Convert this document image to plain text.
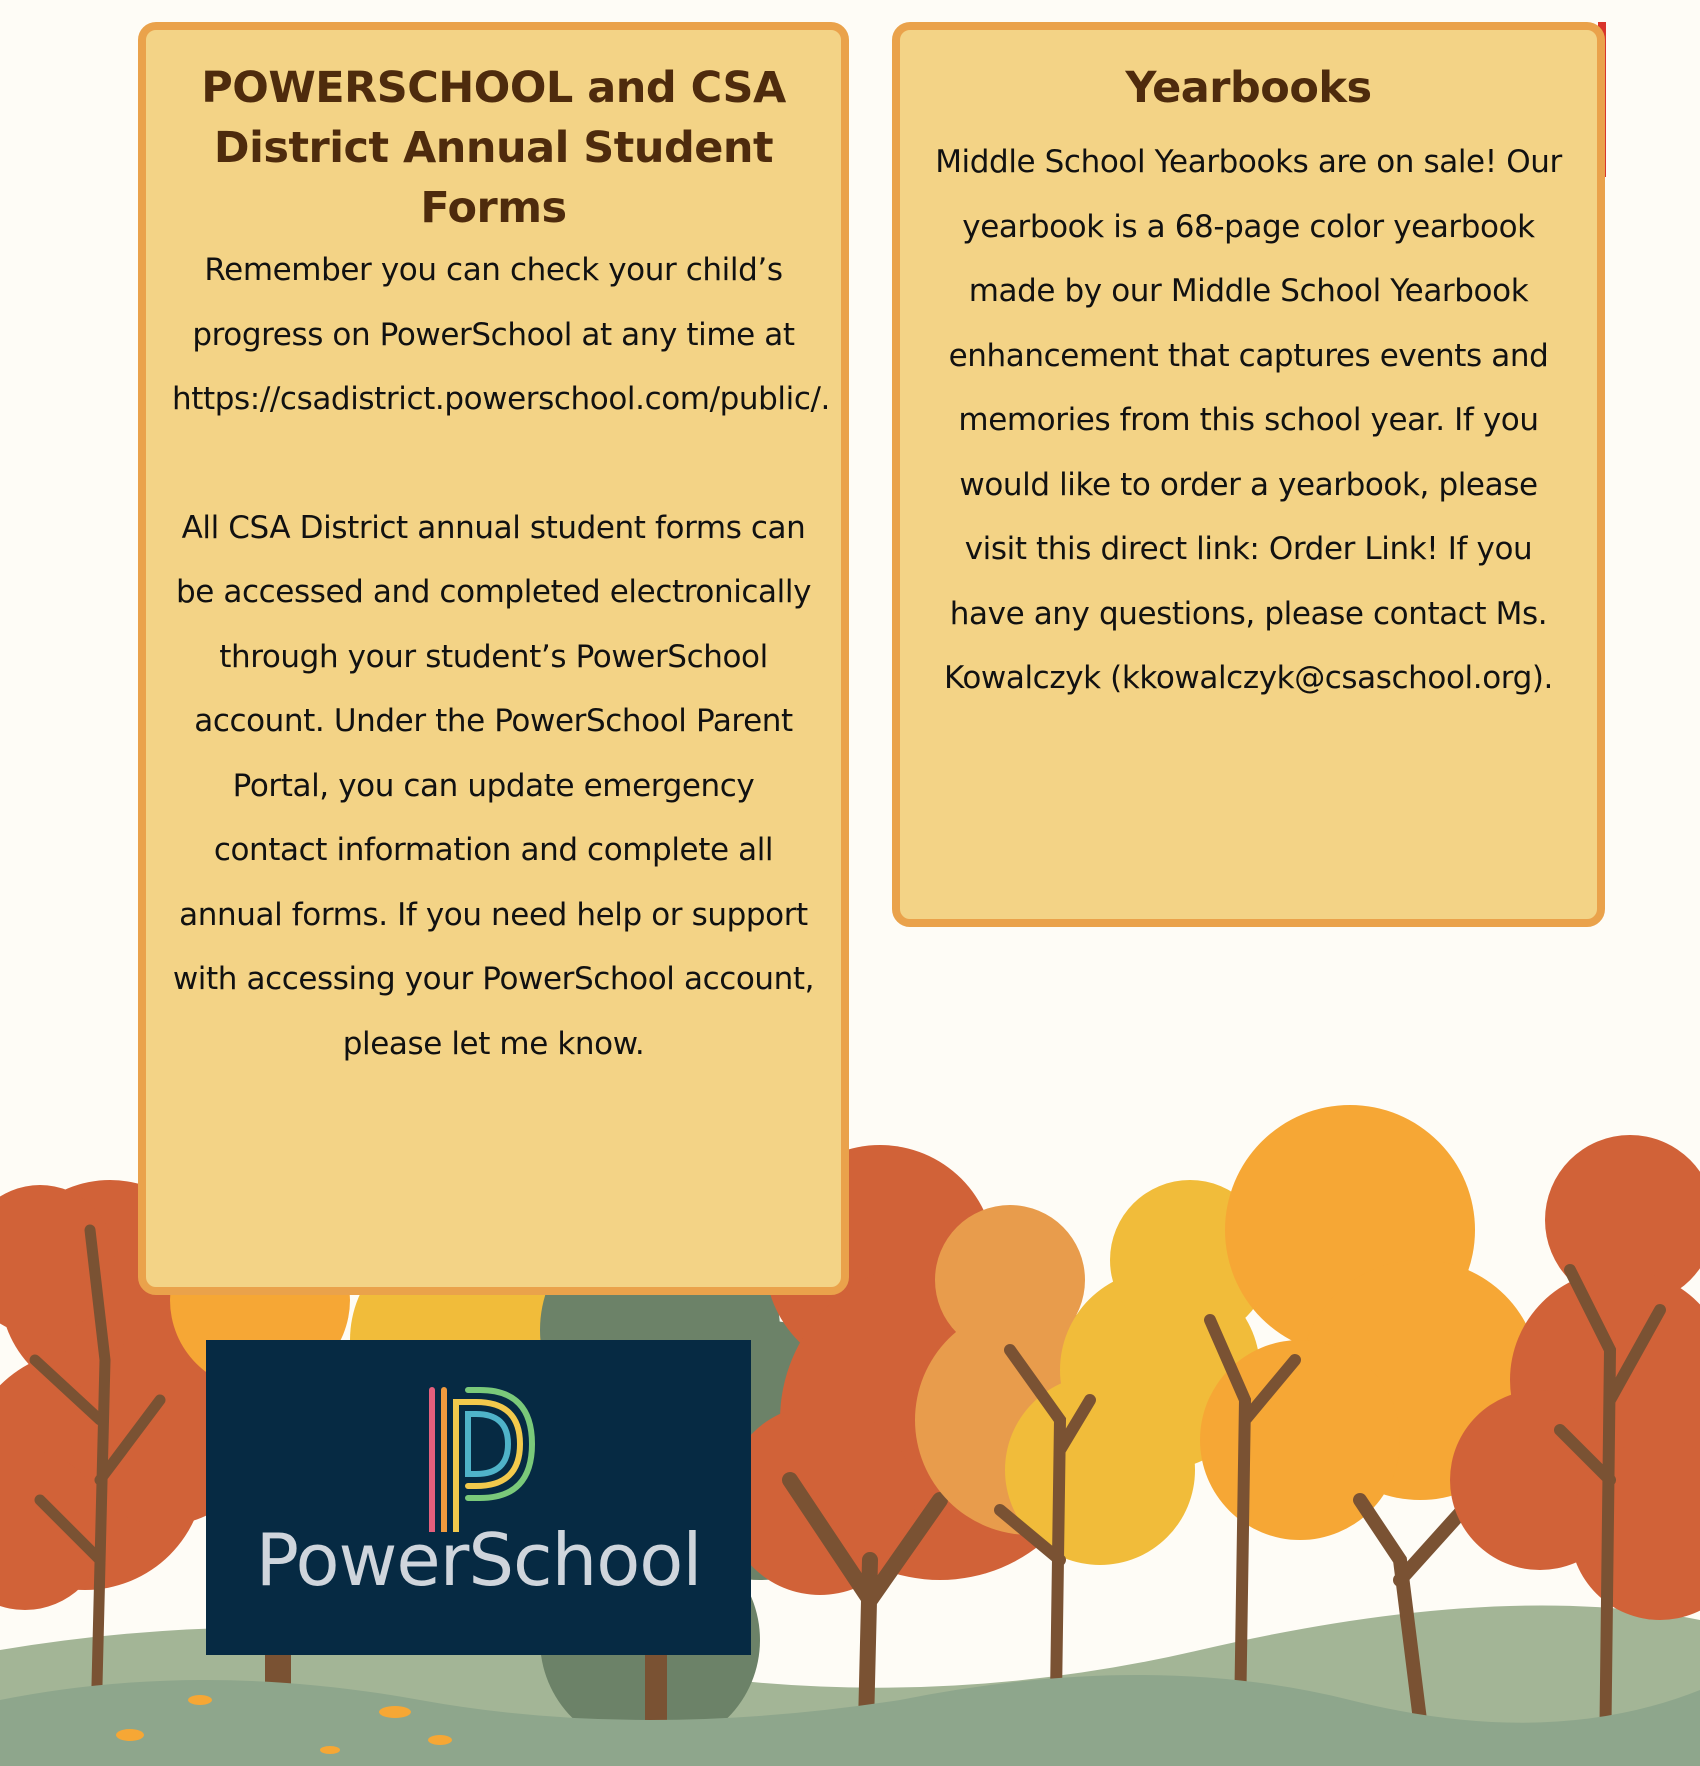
POWERSCHOOL and CSA District Annual Student Forms

Remember you can check your child’s progress on PowerSchool at any time at https://csadistrict.powerschool.com/public/.

All CSA District annual student forms can be accessed and completed electronically through your student’s PowerSchool account. Under the PowerSchool Parent Portal, you can update emergency contact information and complete all annual forms. If you need help or support with accessing your PowerSchool account, please let me know.

Yearbooks

Middle School Yearbooks are on sale! Our yearbook is a 68-page color yearbook made by our Middle School Yearbook enhancement that captures events and memories from this school year. If you would like to order a yearbook, please visit this direct link: Order Link! If you have any questions, please contact Ms. Kowalczyk (kkowalczyk@csaschool.org).

PowerSchool
